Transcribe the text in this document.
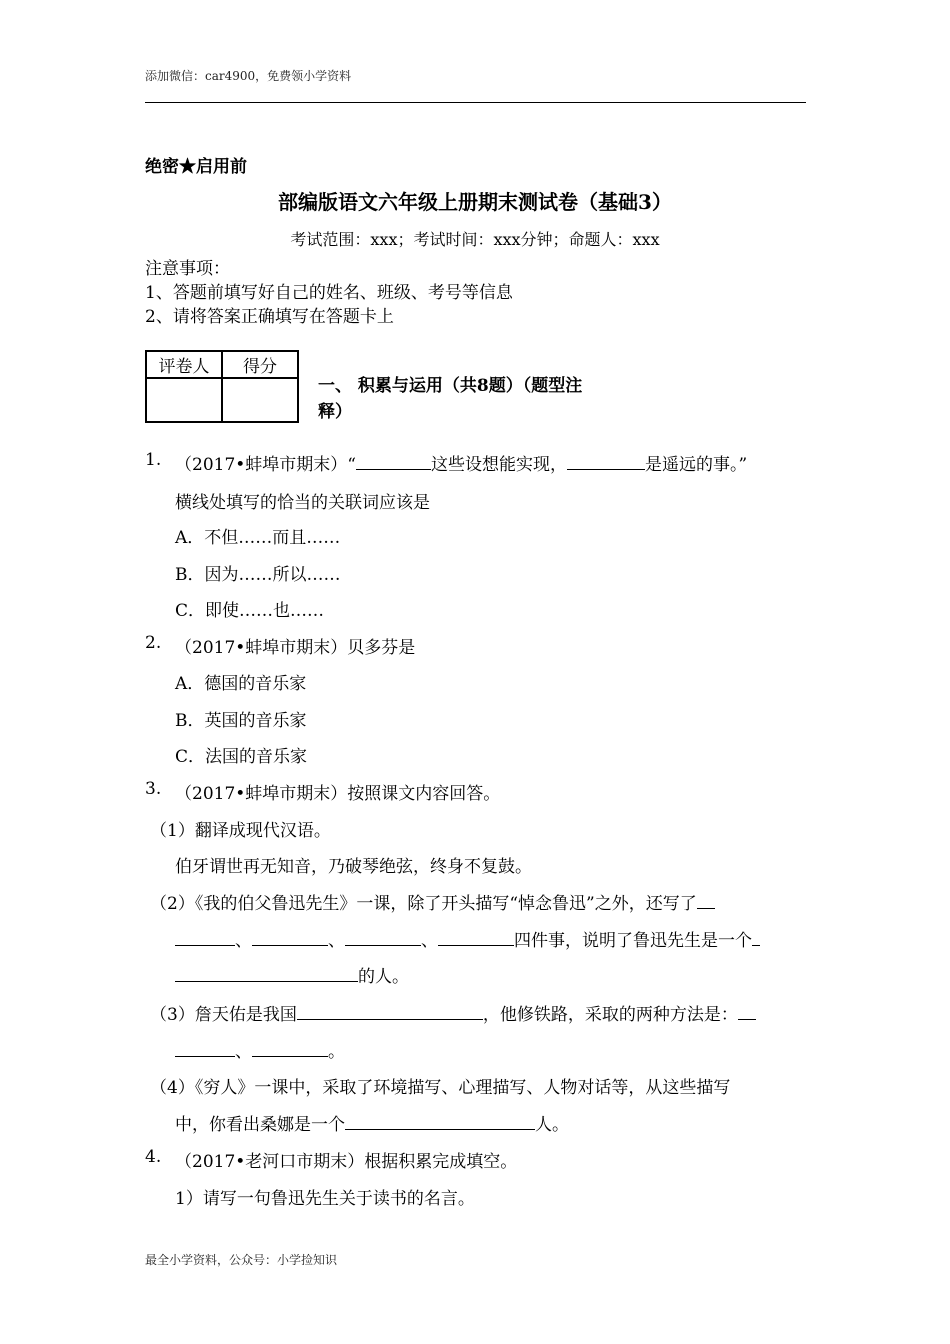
添加微信：car4900，免费领小学资料
绝密★启用前
部编版语文六年级上册期末测试卷（基础3）
考试范围：xxx；考试时间：xxx分钟；命题人：xxx
注意事项：
1、答题前填写好自己的姓名、班级、考号等信息
2、请将答案正确填写在答题卡上
评卷人	得分

一、 积累与运用（共8题）（题型注
释）
1. （2017•蚌埠市期末）“	这些设想能实现，	是遥远的事。”
横线处填写的恰当的关联词应该是
A．不但……而且……
B．因为……所以……
C．即使……也……
2. （2017•蚌埠市期末）贝多芬是
A．德国的音乐家
B．英国的音乐家
C．法国的音乐家
3. （2017•蚌埠市期末）按照课文内容回答。
（1）翻译成现代汉语。
伯牙谓世再无知音，乃破琴绝弦，终身不复鼓。
（2）《我的伯父鲁迅先生》一课，除了开头描写“悼念鲁迅”之外，还写了
、	、	、	四件事，说明了鲁迅先生是一个
的人。
（3）詹天佑是我国	，他修铁路，采取的两种方法是：
、	。
（4）《穷人》一课中，采取了环境描写、心理描写、人物对话等，从这些描写
中，你看出桑娜是一个	人。
4. （2017•老河口市期末）根据积累完成填空。
1）请写一句鲁迅先生关于读书的名言。
最全小学资料，公众号：小学捡知识
